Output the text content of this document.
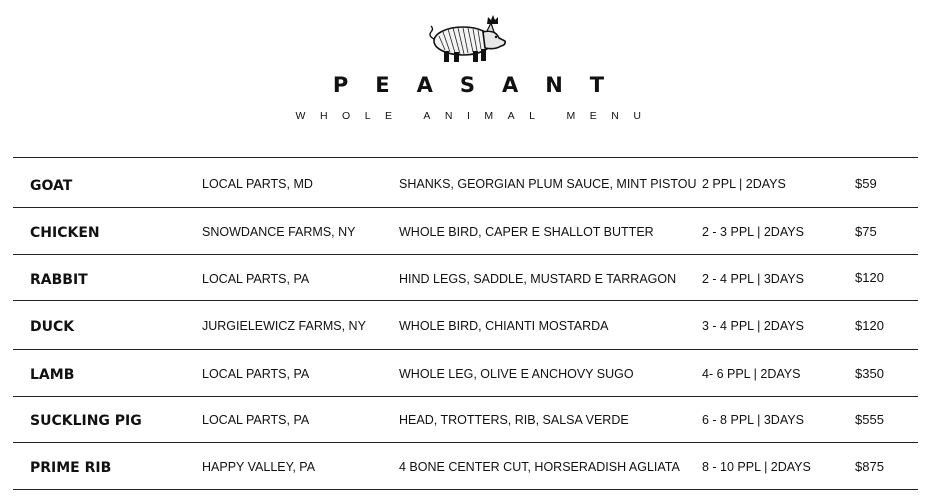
PEASANT
WHOLE ANIMAL MENU
GOAT	LOCAL PARTS, MD	SHANKS, GEORGIAN PLUM SAUCE, MINT PISTOU 2 PPL | 2DAYS	$59
CHICKEN	SNOWDANCE FARMS, NY	WHOLE BIRD, CAPER E SHALLOT BUTTER	2 - 3 PPL | 2DAYS	$75
RABBIT	LOCAL PARTS, PA	HIND LEGS, SADDLE, MUSTARD E TARRAGON 2 - 4 PPL | 3DAYS	$120
DUCK	JURGIELEWICZ FARMS, NY	WHOLE BIRD, CHIANTI MOSTARDA	3 - 4 PPL | 2DAYS	$120
LAMB	LOCAL PARTS, PA	WHOLE LEG, OLIVE E ANCHOVY SUGO	4- 6 PPL | 2DAYS	$350
SUCKLING PIG	LOCAL PARTS, PA	HEAD, TROTTERS, RIB, SALSA VERDE	6 - 8 PPL | 3DAYS	$555
PRIME RIB	HAPPY VALLEY, PA	4 BONE CENTER CUT, HORSERADISH AGLIATA 8 - 10 PPL | 2DAYS	$875
